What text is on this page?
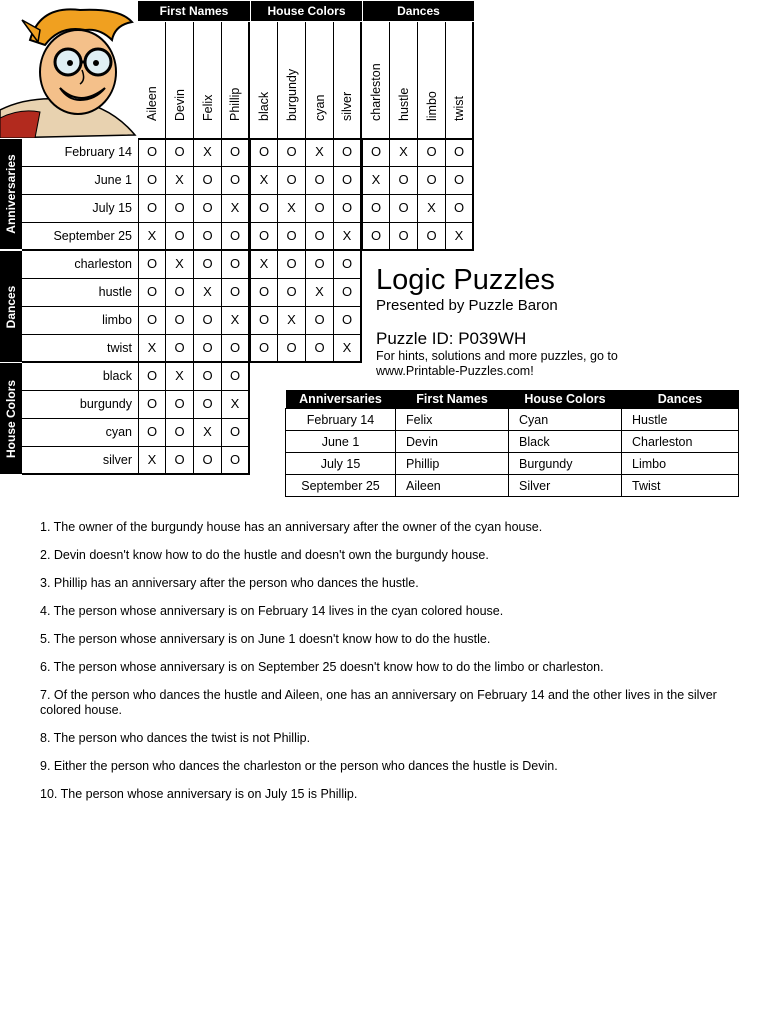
First Names	House Colors	Dances
Anniversaries
Dances
House Colors
Aileen Devin Felix Phillip black burgundy cyan silver charleston hustle limbo twist
February 14	O	O	X	O	O	O	X	O	O	X	O	O
June 1	O	X	O	O	X	O	O	O	X	O	O	O
July 15	O	O	O	X	O	X	O	O	O	O	X	O
September 25	X	O	O	O	O	O	O	X	O	O	O	X
charleston	O	X	O	O	X	O	O	O
hustle	O	O	X	O	O	O	X	O
limbo	O	O	O	X	O	X	O	O
twist	X	O	O	O	O	O	O	X
black	O	X	O	O
burgundy	O	O	O	X
cyan	O	O	X	O
silver	X	O	O	O
Logic Puzzles
Presented by Puzzle Baron
Puzzle ID: P039WH
For hints, solutions and more puzzles, go to www.Printable-Puzzles.com!
Anniversaries	First Names	House Colors	Dances
February 14	Felix	Cyan	Hustle
June 1	Devin	Black	Charleston
July 15	Phillip	Burgundy	Limbo
September 25	Aileen	Silver	Twist

1. The owner of the burgundy house has an anniversary after the owner of the cyan house.

2. Devin doesn't know how to do the hustle and doesn't own the burgundy house.

3. Phillip has an anniversary after the person who dances the hustle.

4. The person whose anniversary is on February 14 lives in the cyan colored house.

5. The person whose anniversary is on June 1 doesn't know how to do the hustle.

6. The person whose anniversary is on September 25 doesn't know how to do the limbo or charleston.

7. Of the person who dances the hustle and Aileen, one has an anniversary on February 14 and the other lives in the silver colored house.

8. The person who dances the twist is not Phillip.

9. Either the person who dances the charleston or the person who dances the hustle is Devin.

10. The person whose anniversary is on July 15 is Phillip.
